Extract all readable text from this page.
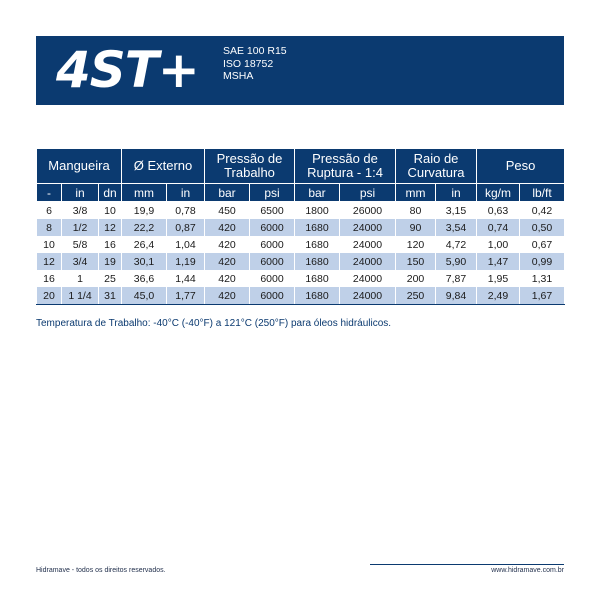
4ST+ SAE 100 R15
ISO 18752
MSHA
Mangueira			Ø Externo		Pressão de Trabalho		Pressão de Ruptura - 1:4		Raio de Curvatura		Peso	
-	in	dn	mm	in	bar	psi	bar	psi	mm	in	kg/m	lb/ft
6	3/8	10	19,9	0,78	450	6500	1800	26000	80	3,15	0,63	0,42
8	1/2	12	22,2	0,87	420	6000	1680	24000	90	3,54	0,74	0,50
10	5/8	16	26,4	1,04	420	6000	1680	24000	120	4,72	1,00	0,67
12	3/4	19	30,1	1,19	420	6000	1680	24000	150	5,90	1,47	0,99
16	1	25	36,6	1,44	420	6000	1680	24000	200	7,87	1,95	1,31
20	1 1/4	31	45,0	1,77	420	6000	1680	24000	250	9,84	2,49	1,67
Temperatura de Trabalho: -40°C (-40°F) a 121°C (250°F) para óleos hidráulicos.
Hidramave - todos os direitos reservados.	www.hidramave.com.br
